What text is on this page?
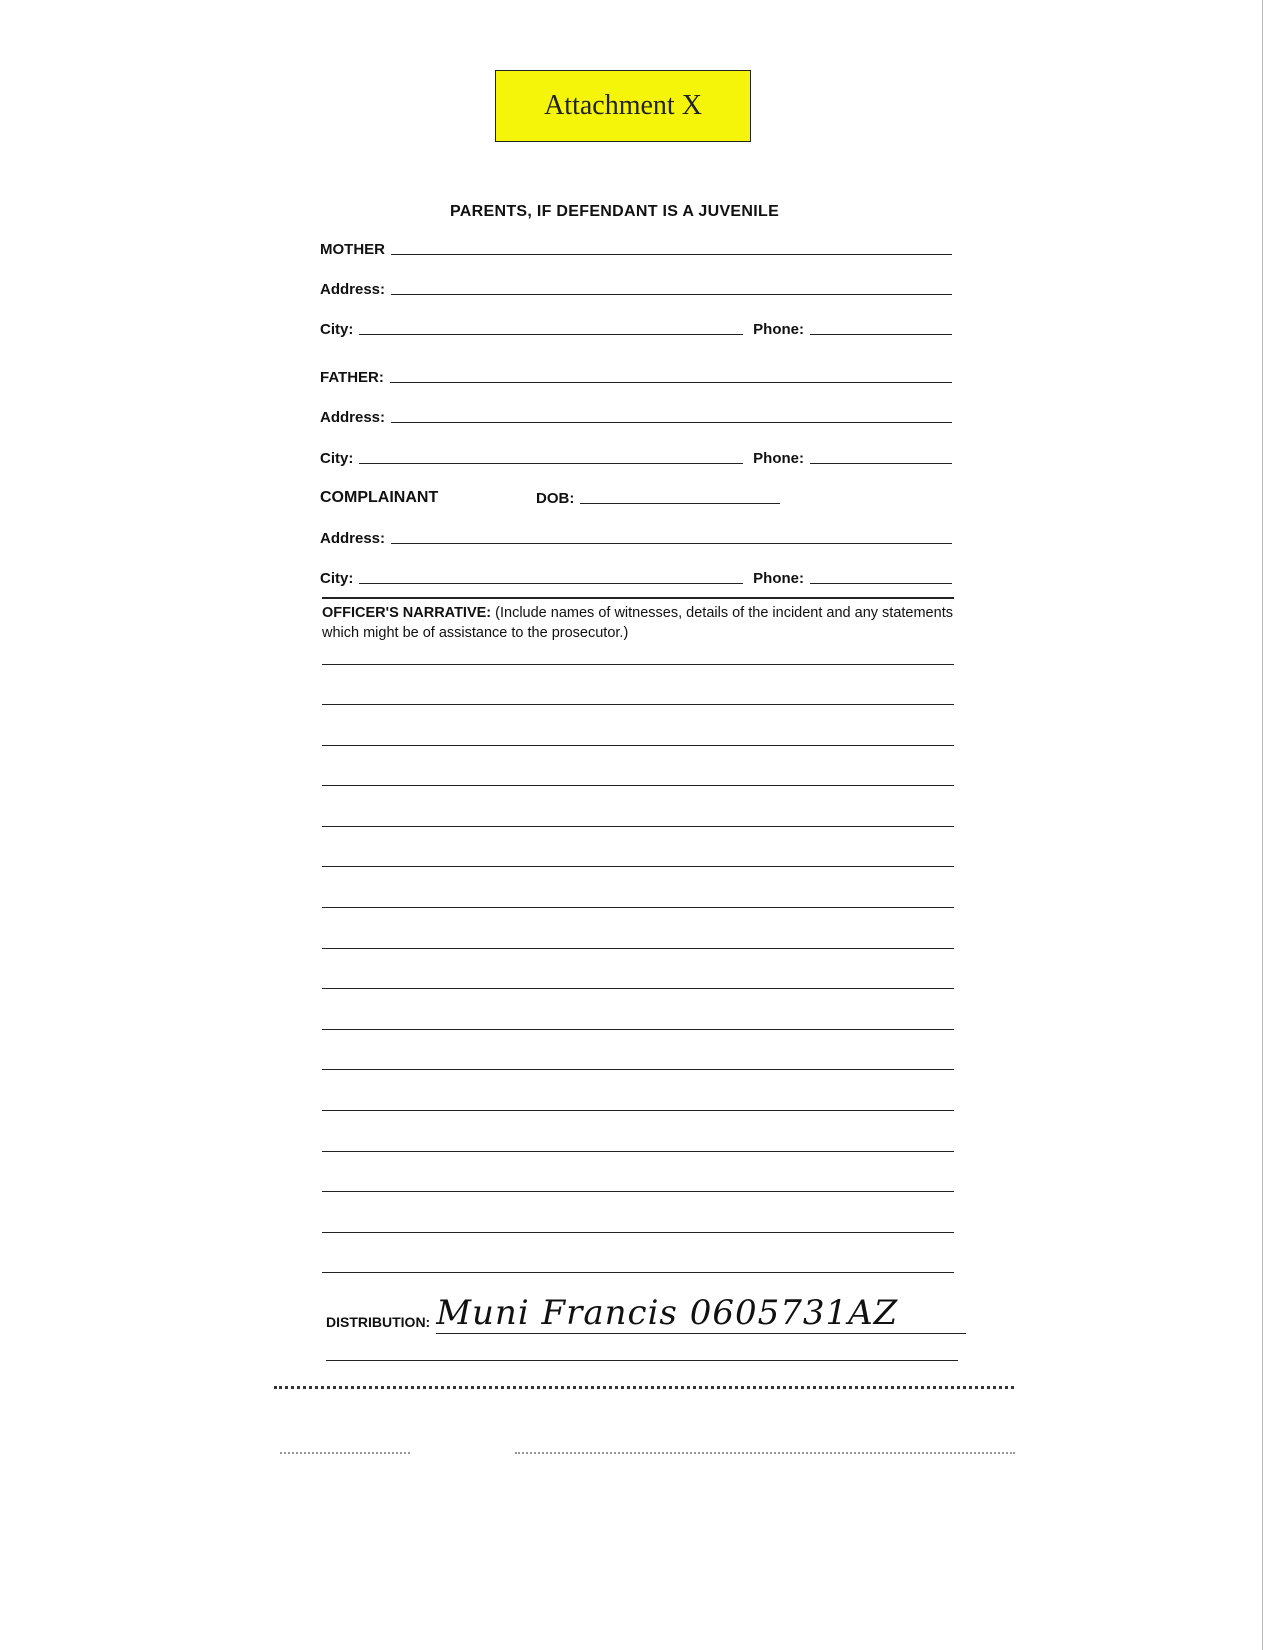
Attachment X
PARENTS, IF DEFENDANT IS A JUVENILE
MOTHER
Address:
City:	Phone:
FATHER:
Address:
City:	Phone:
COMPLAINANT	DOB:
Address:
City:	Phone:
OFFICER'S NARRATIVE: (Include names of witnesses, details of the incident and any statements which might be of assistance to the prosecutor.)
DISTRIBUTION: Muni Francis 0605731AZ
